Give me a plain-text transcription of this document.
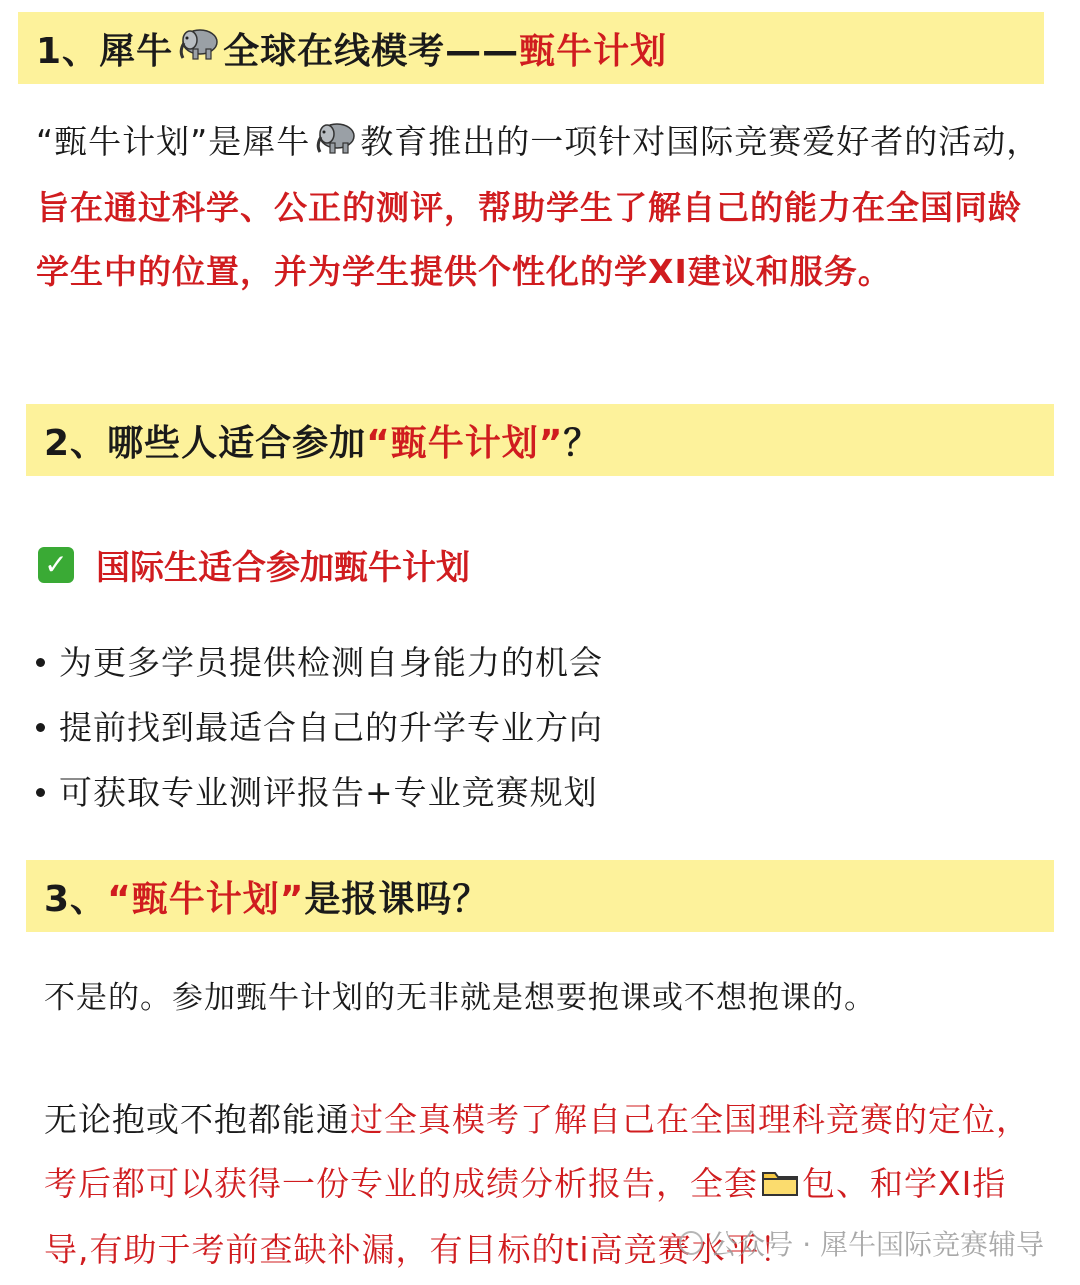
1、 犀牛 全球在线模考—— 甄牛计划
“甄牛计划”是犀牛 教育推出的一项针对国际竞赛爱好者的活动，旨在通过科学、公正的测评，帮助学生了解自己的能力在全国同龄学生中的位置，并为学生提供个性化的学XI建议和服务。
2、 哪些人适合参加 “甄牛计划” ？
✓ 国际生适合参加甄牛计划
为更多学员提供检测自身能力的机会
提前找到最适合自己的升学专业方向
可获取专业测评报告+专业竞赛规划
3、 “甄牛计划” 是报课吗？
不是的。参加甄牛计划的无非就是想要抱课或不想抱课的。
无论抱或不抱都能通过全真模考了解自己在全国理科竞赛的定位，考后都可以获得一份专业的成绩分析报告，全套 包、和学XI指导,有助于考前查缺补漏，有目标的ti高竞赛水平！
公众号 · 犀牛国际竞赛辅导
